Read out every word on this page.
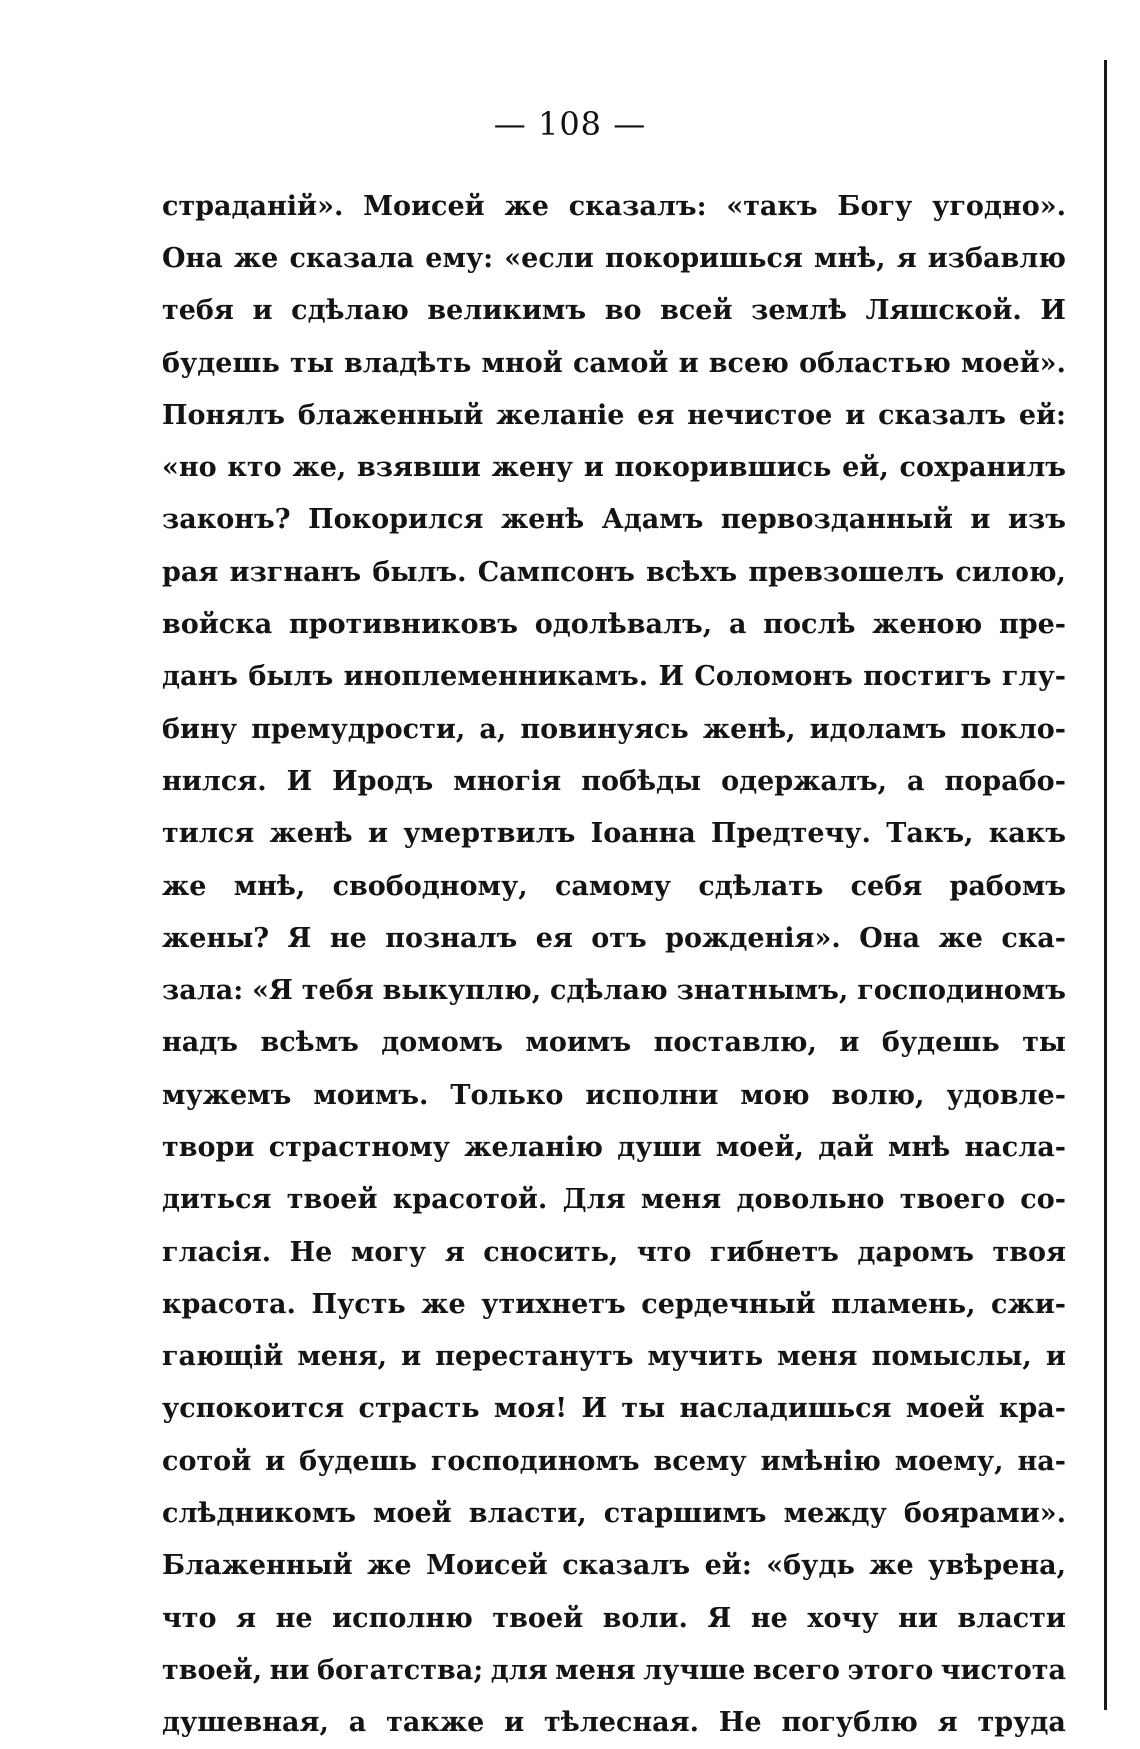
— 108 —
страданій». Моисей же сказалъ: «такъ Богу угодно».
Она же сказала ему: «если покоришься мнѣ, я избавлю
тебя и сдѣлаю великимъ во всей землѣ Ляшской. И
будешь ты владѣть мной самой и всею областью моей».
Понялъ блаженный желаніе ея нечистое и сказалъ ей:
«но кто же, взявши жену и покорившись ей, сохранилъ
законъ? Покорился женѣ Адамъ первозданный и изъ
рая изгнанъ былъ. Сампсонъ всѣхъ превзошелъ силою,
войска противниковъ одолѣвалъ, а послѣ женою пре-
данъ былъ иноплеменникамъ. И Соломонъ постигъ глу-
бину премудрости, а, повинуясь женѣ, идоламъ покло-
нился. И Иродъ многія побѣды одержалъ, а порабо-
тился женѣ и умертвилъ Іоанна Предтечу. Такъ, какъ
же мнѣ, свободному, самому сдѣлать себя рабомъ
жены? Я не позналъ ея отъ рожденія». Она же ска-
зала: «Я тебя выкуплю, сдѣлаю знатнымъ, господиномъ
надъ всѣмъ домомъ моимъ поставлю, и будешь ты
мужемъ моимъ. Только исполни мою волю, удовле-
твори страстному желанію души моей, дай мнѣ насла-
диться твоей красотой. Для меня довольно твоего со-
гласія. Не могу я сносить, что гибнетъ даромъ твоя
красота. Пусть же утихнетъ сердечный пламень, сжи-
гающій меня, и перестанутъ мучить меня помыслы, и
успокоится страсть моя! И ты насладишься моей кра-
сотой и будешь господиномъ всему имѣнію моему, на-
слѣдникомъ моей власти, старшимъ между боярами».
Блаженный же Моисей сказалъ ей: «будь же увѣрена,
что я не исполню твоей воли. Я не хочу ни власти
твоей, ни богатства; для меня лучше всего этого чистота
душевная, а также и тѣлесная. Не погублю я труда
